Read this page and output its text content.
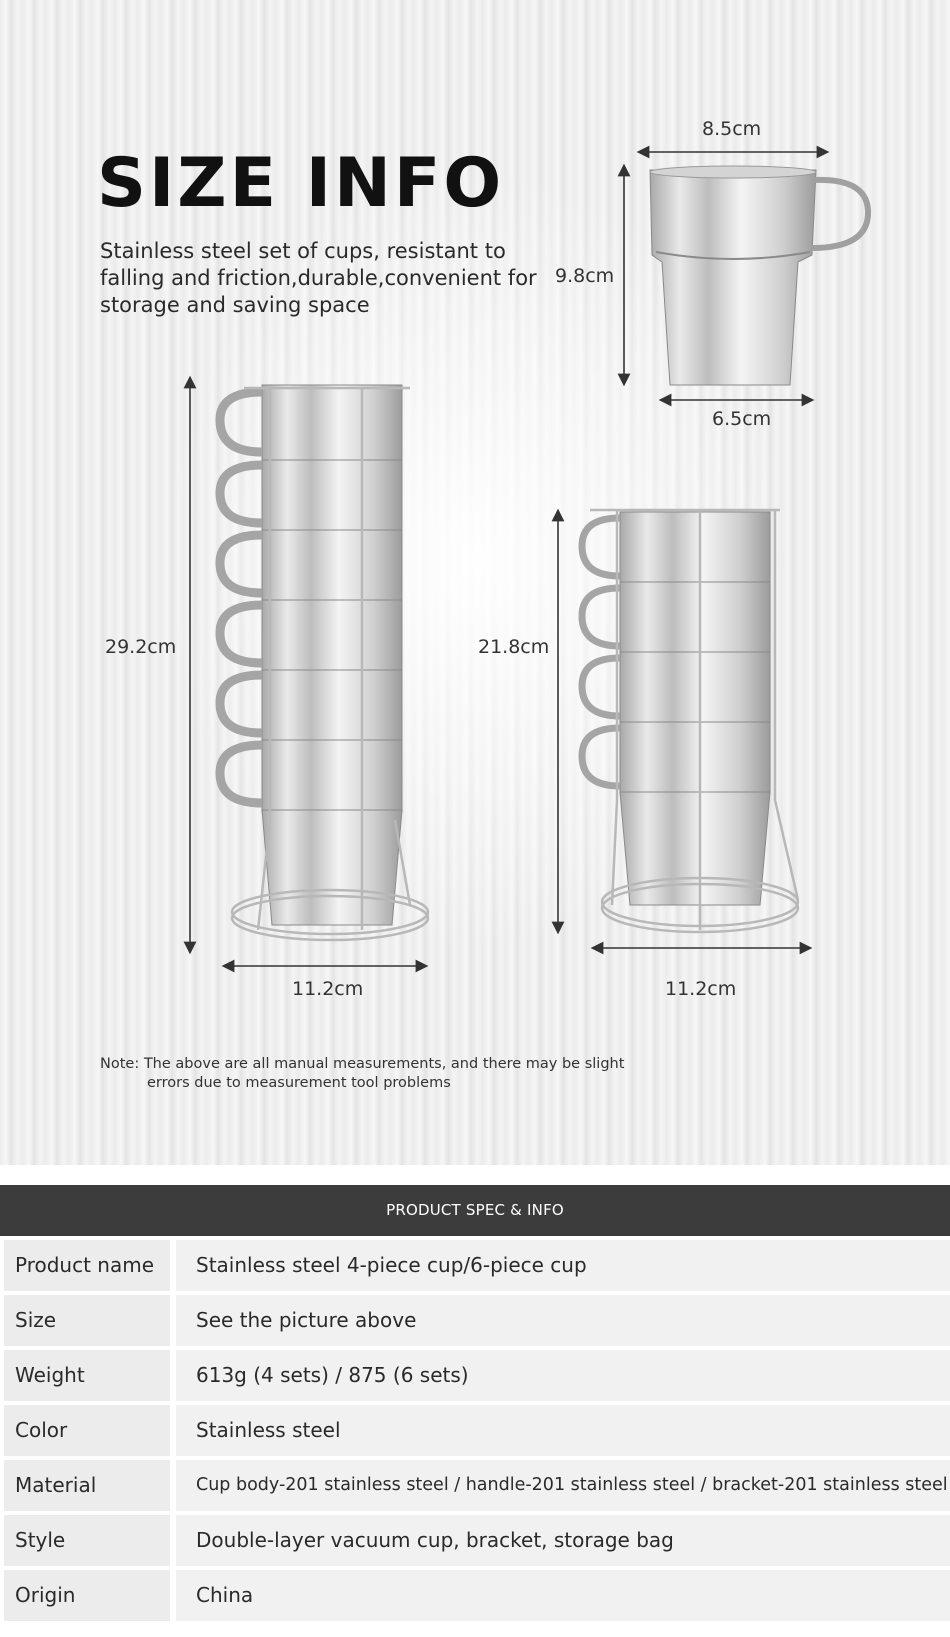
SIZE INFO

Stainless steel set of cups, resistant to falling and friction,durable,convenient for storage and saving space

8.5cm
9.8cm
6.5cm
29.2cm
11.2cm
21.8cm
11.2cm

Note: The above are all manual measurements, and there may be slight
errors due to measurement tool problems

PRODUCT SPEC & INFO
Product name	Stainless steel 4-piece cup/6-piece cup
Size	See the picture above
Weight	613g (4 sets) / 875 (6 sets)
Color	Stainless steel
Material	Cup body-201 stainless steel / handle-201 stainless steel / bracket-201 stainless steel
Style	Double-layer vacuum cup, bracket, storage bag
Origin	China
